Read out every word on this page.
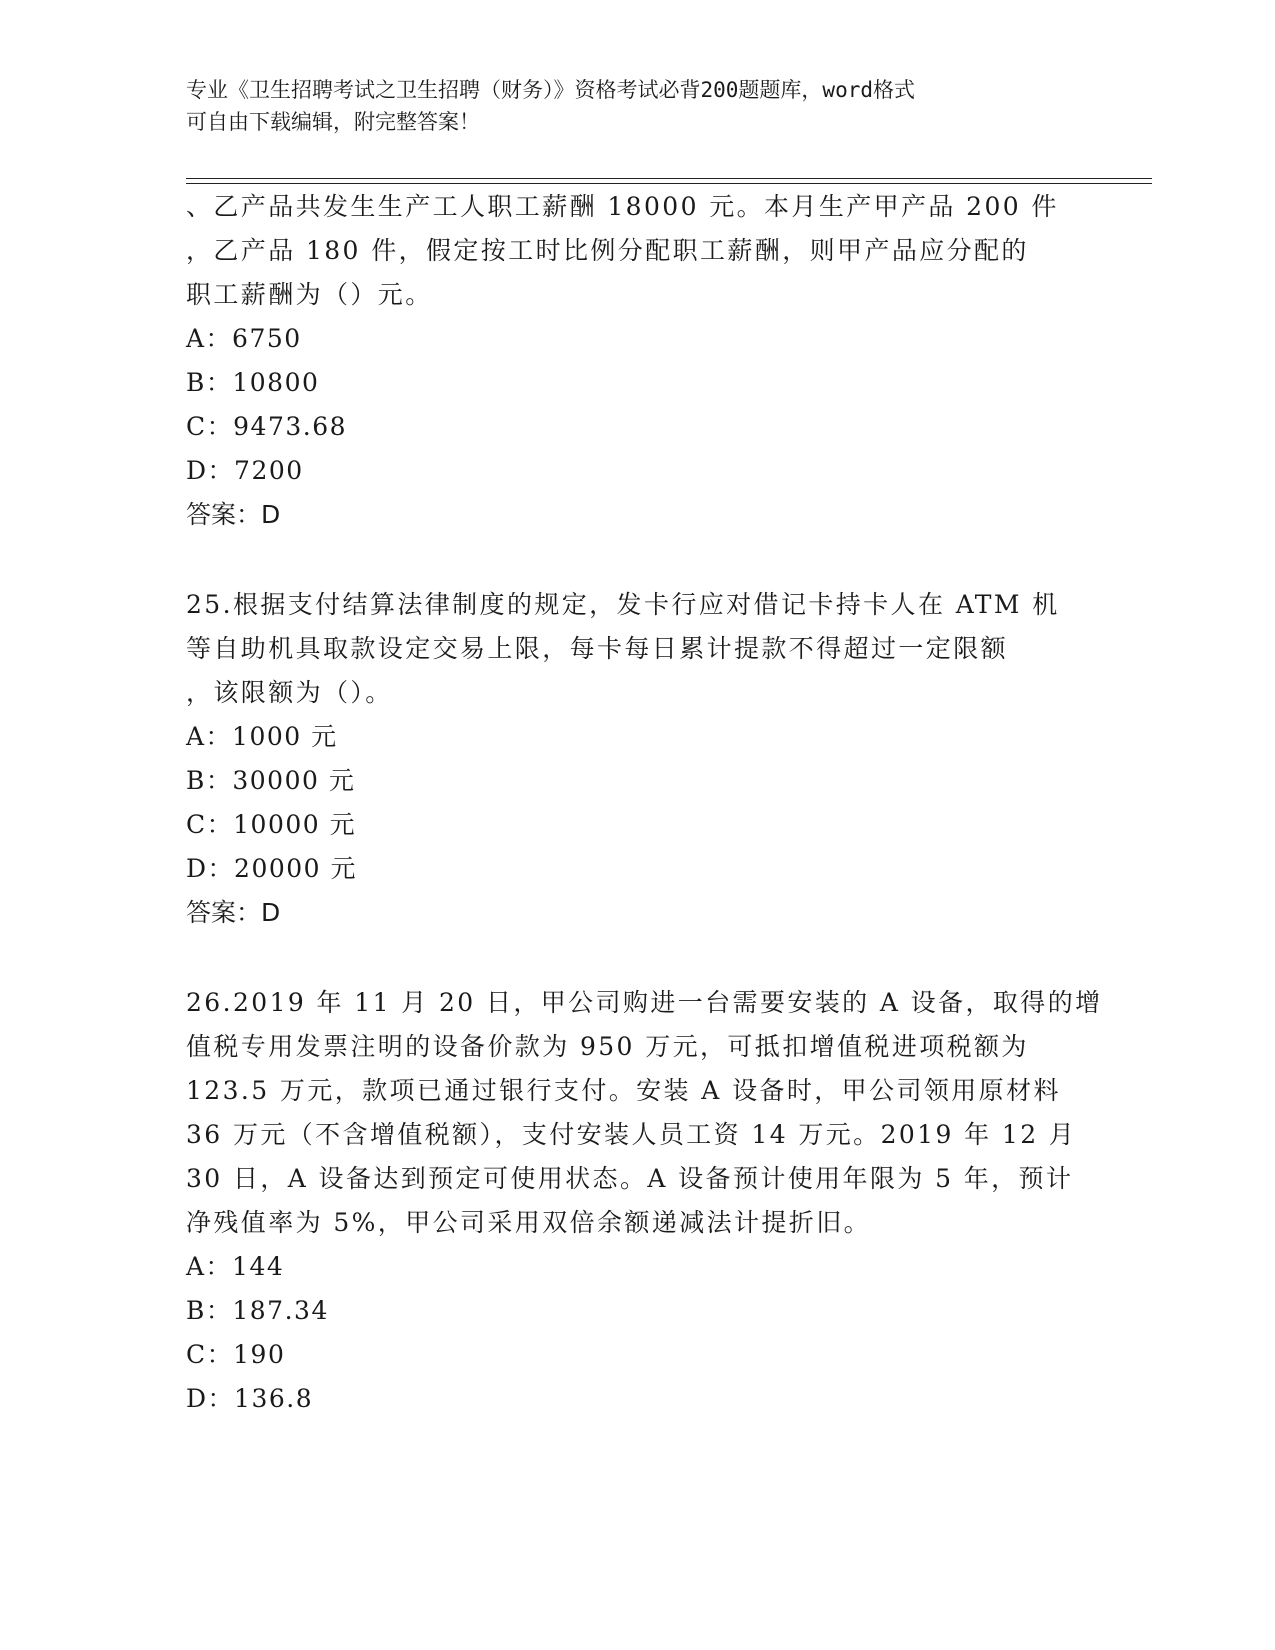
专业《卫生招聘考试之卫生招聘（财务）》资格考试必背200题题库，word格式
可自由下载编辑，附完整答案！
、乙产品共发生生产工人职工薪酬 18000 元。本月生产甲产品 200 件
，乙产品 180 件，假定按工时比例分配职工薪酬，则甲产品应分配的
职工薪酬为（）元。
A：6750
B：10800
C：9473.68
D：7200
答案：D
25.根据支付结算法律制度的规定，发卡行应对借记卡持卡人在 ATM 机
等自助机具取款设定交易上限，每卡每日累计提款不得超过一定限额
，该限额为（）。
A：1000 元
B：30000 元
C：10000 元
D：20000 元
答案：D
26.2019 年 11 月 20 日，甲公司购进一台需要安装的 A 设备，取得的增
值税专用发票注明的设备价款为 950 万元，可抵扣增值税进项税额为
123.5 万元，款项已通过银行支付。安装 A 设备时，甲公司领用原材料
36 万元（不含增值税额），支付安装人员工资 14 万元。2019 年 12 月
30 日，A 设备达到预定可使用状态。A 设备预计使用年限为 5 年，预计
净残值率为 5%，甲公司采用双倍余额递减法计提折旧。
A：144
B：187.34
C：190
D：136.8
